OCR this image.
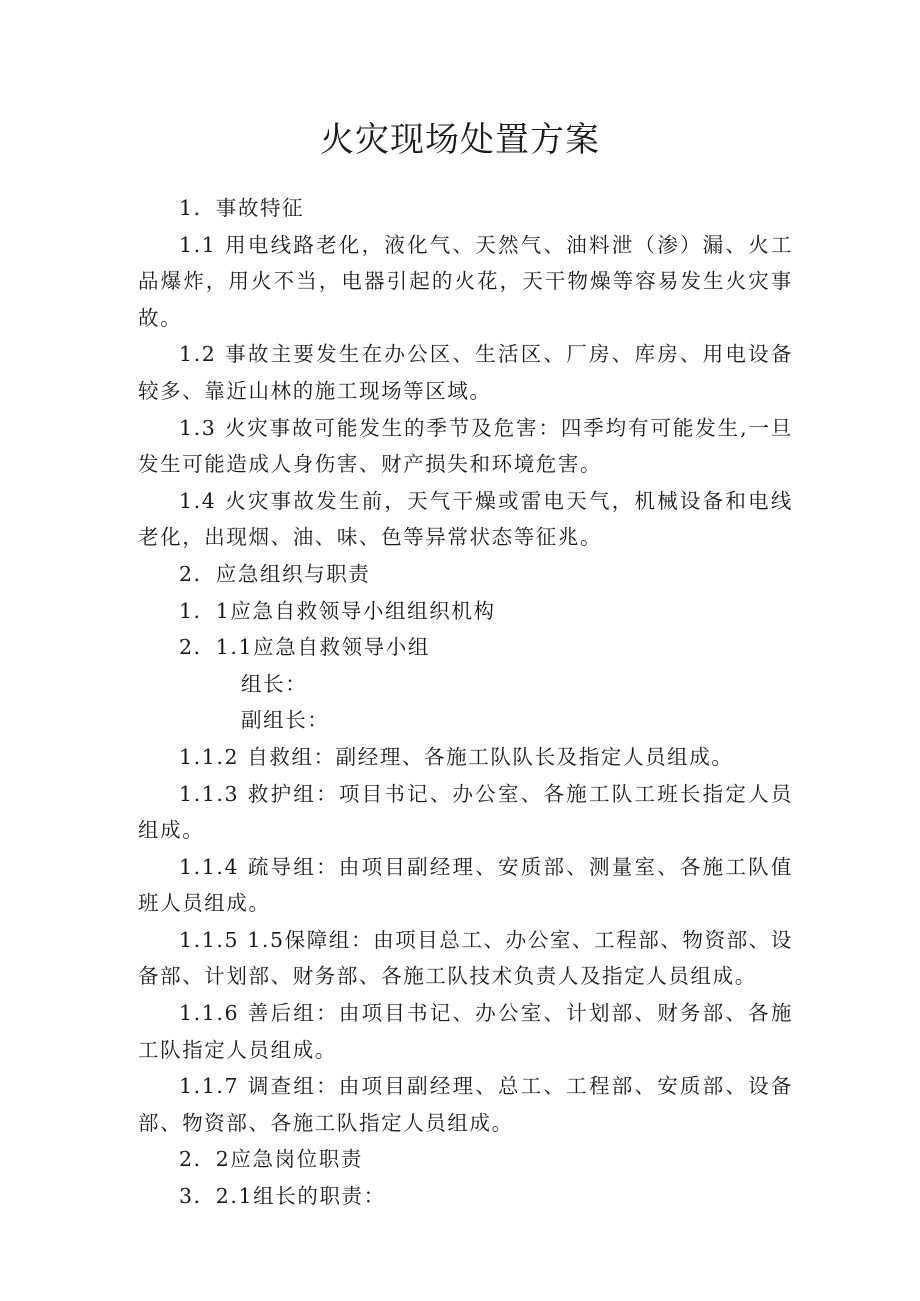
火灾现场处置方案

1．事故特征

1.1 用电线路老化，液化气、天然气、油料泄（渗）漏、火工品爆炸，用火不当，电器引起的火花，天干物燥等容易发生火灾事故。

1.2 事故主要发生在办公区、生活区、厂房、库房、用电设备较多、靠近山林的施工现场等区域。

1.3 火灾事故可能发生的季节及危害：四季均有可能发生,一旦发生可能造成人身伤害、财产损失和环境危害。

1.4 火灾事故发生前，天气干燥或雷电天气，机械设备和电线老化，出现烟、油、味、色等异常状态等征兆。

2．应急组织与职责

1．1应急自救领导小组组织机构

2．1.1应急自救领导小组

组长：

副组长：

1.1.2 自救组：副经理、各施工队队长及指定人员组成。

1.1.3 救护组：项目书记、办公室、各施工队工班长指定人员组成。

1.1.4 疏导组：由项目副经理、安质部、测量室、各施工队值班人员组成。

1.1.5 1.5保障组：由项目总工、办公室、工程部、物资部、设备部、计划部、财务部、各施工队技术负责人及指定人员组成。

1.1.6 善后组：由项目书记、办公室、计划部、财务部、各施工队指定人员组成。

1.1.7 调查组：由项目副经理、总工、工程部、安质部、设备部、物资部、各施工队指定人员组成。

2．2应急岗位职责

3．2.1组长的职责：
